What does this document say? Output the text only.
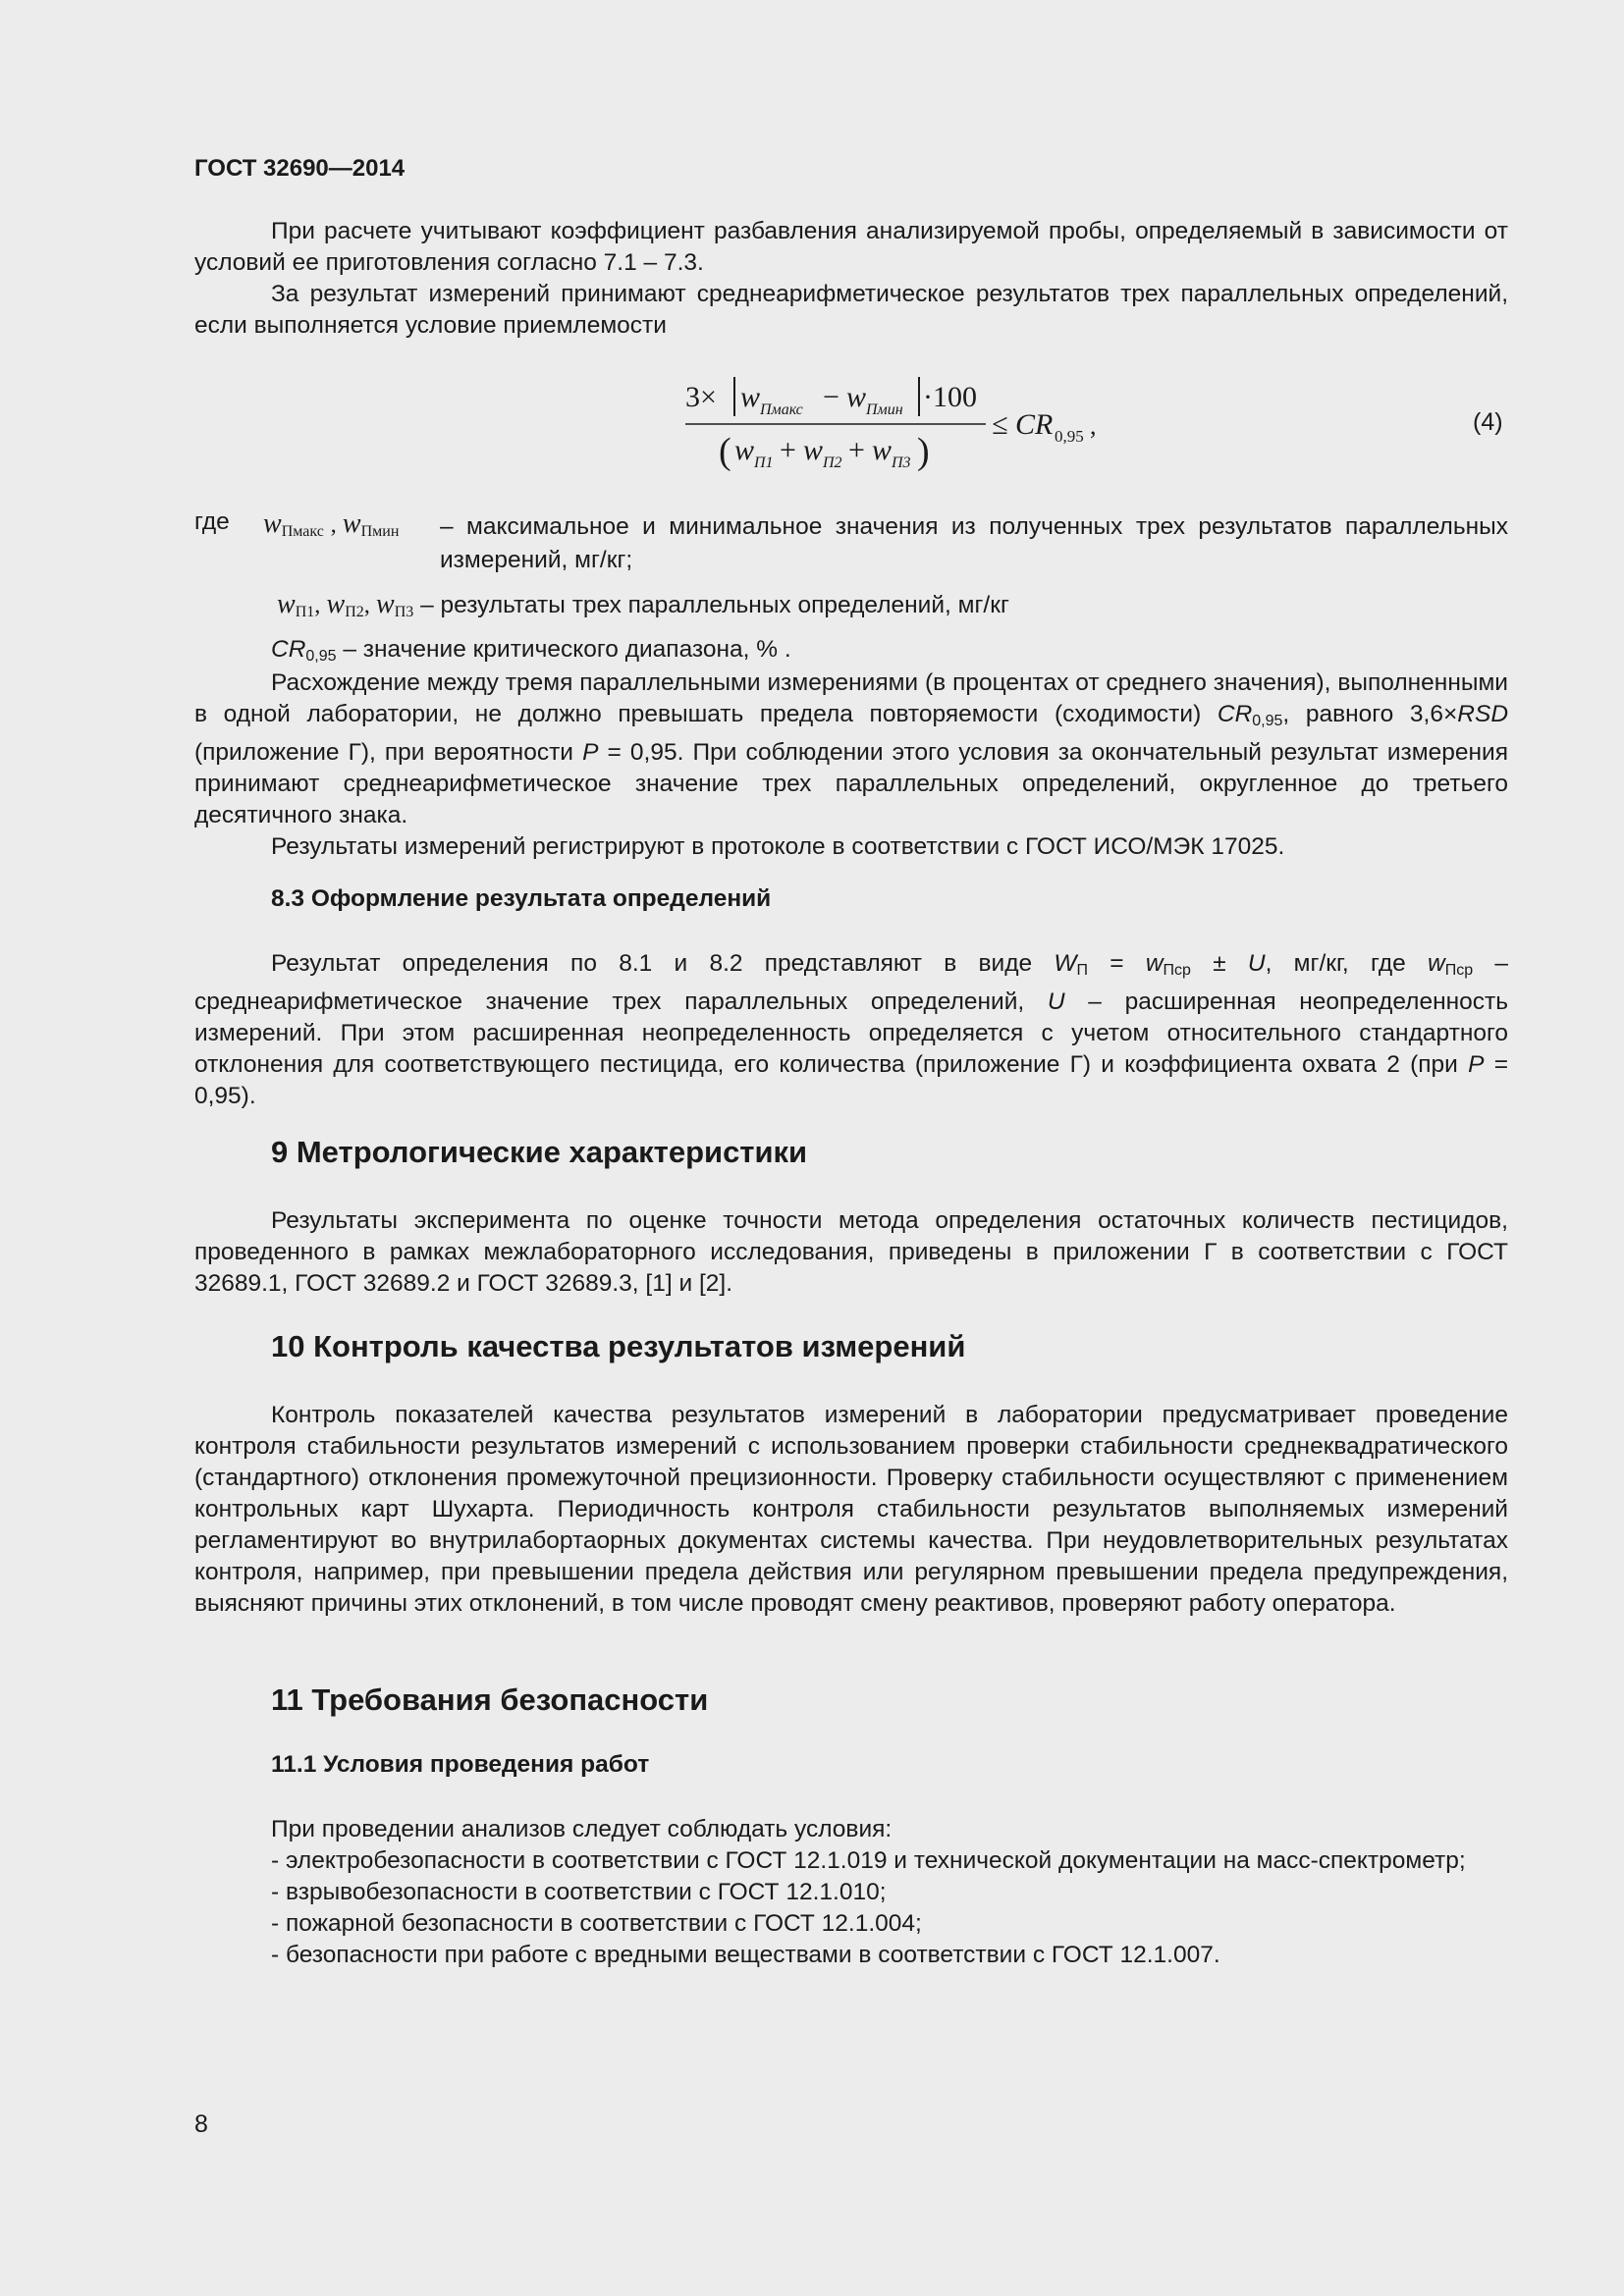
ГОСТ 32690—2014

При расчете учитывают коэффициент разбавления анализируемой пробы, определяемый в зависимости от условий ее приготовления согласно 7.1 – 7.3.

За результат измерений принимают среднеарифметическое результатов трех параллельных определений, если выполняется условие приемлемости

3× w Пмакс − w Пмин ·100
( w П1 + w П2 + w П3 )
≤ CR 0,95 ,	(4)
где $w_{Пмакс}$ , $w_{Пмин}$ – максимальное и минимальное значения из полученных трех результатов параллельных измерений, мг/кг;
$w_{П1}$, $w_{П2}$, $w_{П3}$ – результаты трех параллельных определений, мг/кг
$CR_{0,95}$ – значение критического диапазона, % .

Расхождение между тремя параллельными измерениями (в процентах от среднего значения), выполненными в одной лаборатории, не должно превышать предела повторяемости (сходимости) $CR_{0,95}$, равного 3,6×RSD (приложение Г), при вероятности P = 0,95. При соблюдении этого условия за окончательный результат измерения принимают среднеарифметическое значение трех параллельных определений, округленное до третьего десятичного знака.

Результаты измерений регистрируют в протоколе в соответствии с ГОСТ ИСО/МЭК 17025.

8.3 Оформление результата определений

Результат определения по 8.1 и 8.2 представляют в виде $W_П = w_{Пср} \pm U$, мг/кг, где $w_{Пср}$ – среднеарифметическое значение трех параллельных определений, U – расширенная неопределенность измерений. При этом расширенная неопределенность определяется с учетом относительного стандартного отклонения для соответствующего пестицида, его количества (приложение Г) и коэффициента охвата 2 (при P = 0,95).

9 Метрологические характеристики

Результаты эксперимента по оценке точности метода определения остаточных количеств пестицидов, проведенного в рамках межлабораторного исследования, приведены в приложении Г в соответствии с ГОСТ 32689.1, ГОСТ 32689.2 и ГОСТ 32689.3, [1] и [2].

10 Контроль качества результатов измерений

Контроль показателей качества результатов измерений в лаборатории предусматривает проведение контроля стабильности результатов измерений с использованием проверки стабильности среднеквадратического (стандартного) отклонения промежуточной прецизионности. Проверку стабильности осуществляют с применением контрольных карт Шухарта. Периодичность контроля стабильности результатов выполняемых измерений регламентируют во внутрилабортаорных документах системы качества. При неудовлетворительных результатах контроля, например, при превышении предела действия или регулярном превышении предела предупреждения, выясняют причины этих отклонений, в том числе проводят смену реактивов, проверяют работу оператора.

11 Требования безопасности
11.1 Условия проведения работ

При проведении анализов следует соблюдать условия:

- электробезопасности в соответствии с ГОСТ 12.1.019 и технической документации на масс-спектрометр;

- взрывобезопасности в соответствии с ГОСТ 12.1.010;

- пожарной безопасности в соответствии с ГОСТ 12.1.004;

- безопасности при работе с вредными веществами в соответствии с ГОСТ 12.1.007.

8
